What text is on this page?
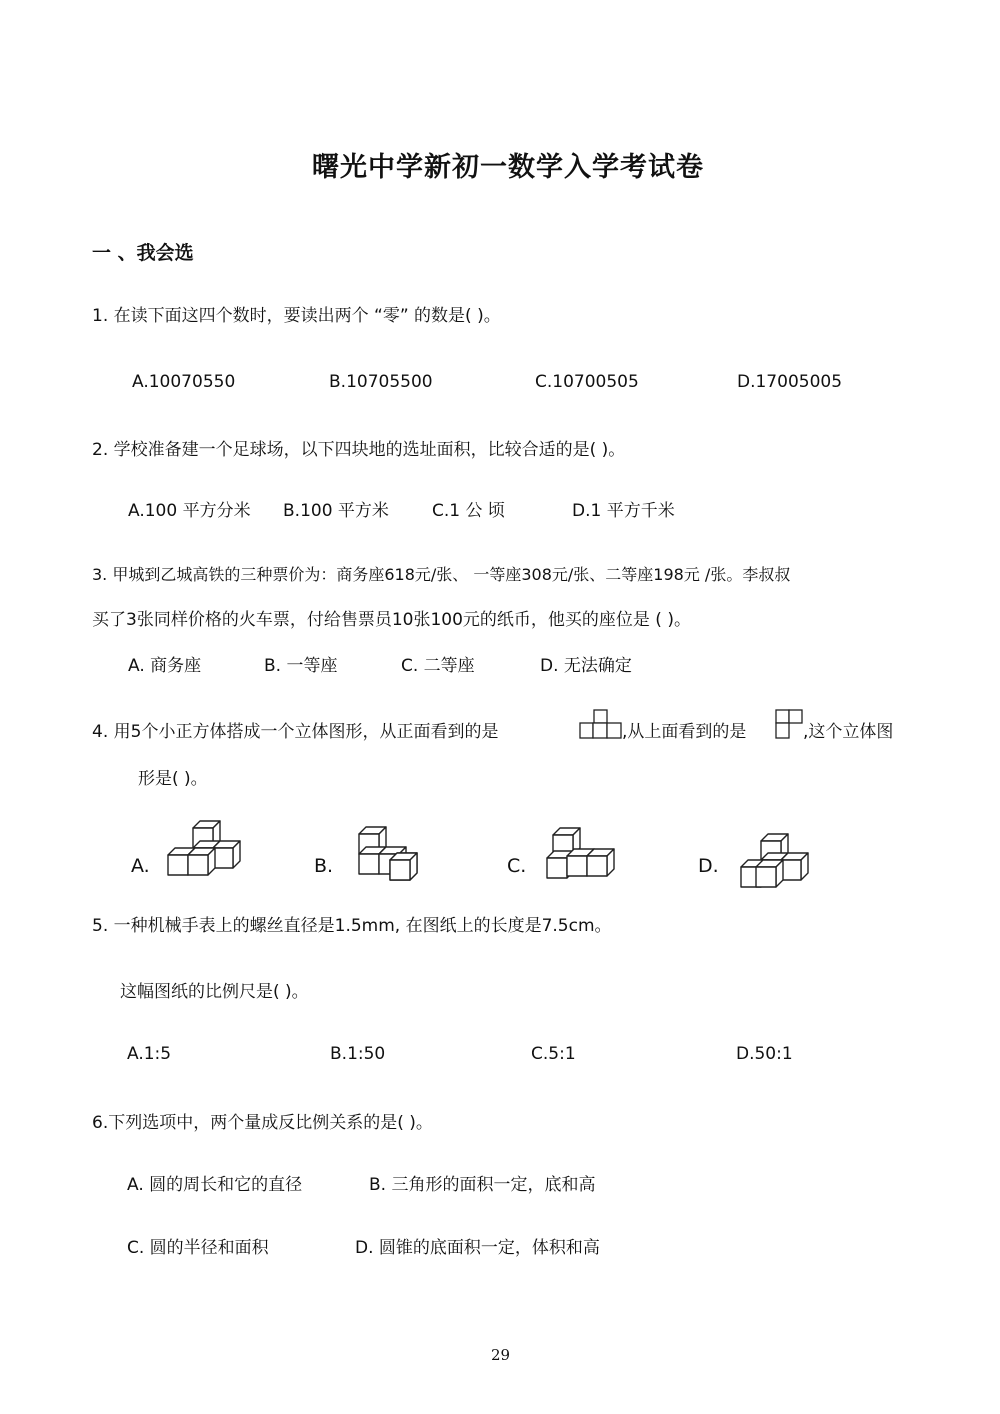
曙光中学新初一数学入学考试卷
一 、我会选
1. 在读下面这四个数时，要读出两个 “零” 的数是( )。
A.10070550	B.10705500	C.10700505	D.17005005
2. 学校准备建一个足球场，以下四块地的选址面积，比较合适的是( )。
A.100 平方分米 B.100 平方米	C.1 公 顷	D.1 平方千米
3. 甲城到乙城高铁的三种票价为：商务座618元/张、 一等座308元/张、二等座198元 /张。李叔叔
买了3张同样价格的火车票，付给售票员10张100元的纸币，他买的座位是 ( )。
A. 商务座	B. 一等座	C. 二等座	D. 无法确定
4. 用5个小正方体搭成一个立体图形，从正面看到的是	,从上面看到的是	,这个立体图
形是( )。
A.	B.	C.	D.
5. 一种机械手表上的螺丝直径是1.5mm, 在图纸上的长度是7.5cm。
这幅图纸的比例尺是( )。
A.1:5	B.1:50	C.5:1	D.50:1
6.下列选项中，两个量成反比例关系的是( )。
A. 圆的周长和它的直径	B. 三角形的面积一定，底和高
C. 圆的半径和面积	D. 圆锥的底面积一定，体积和高
29
